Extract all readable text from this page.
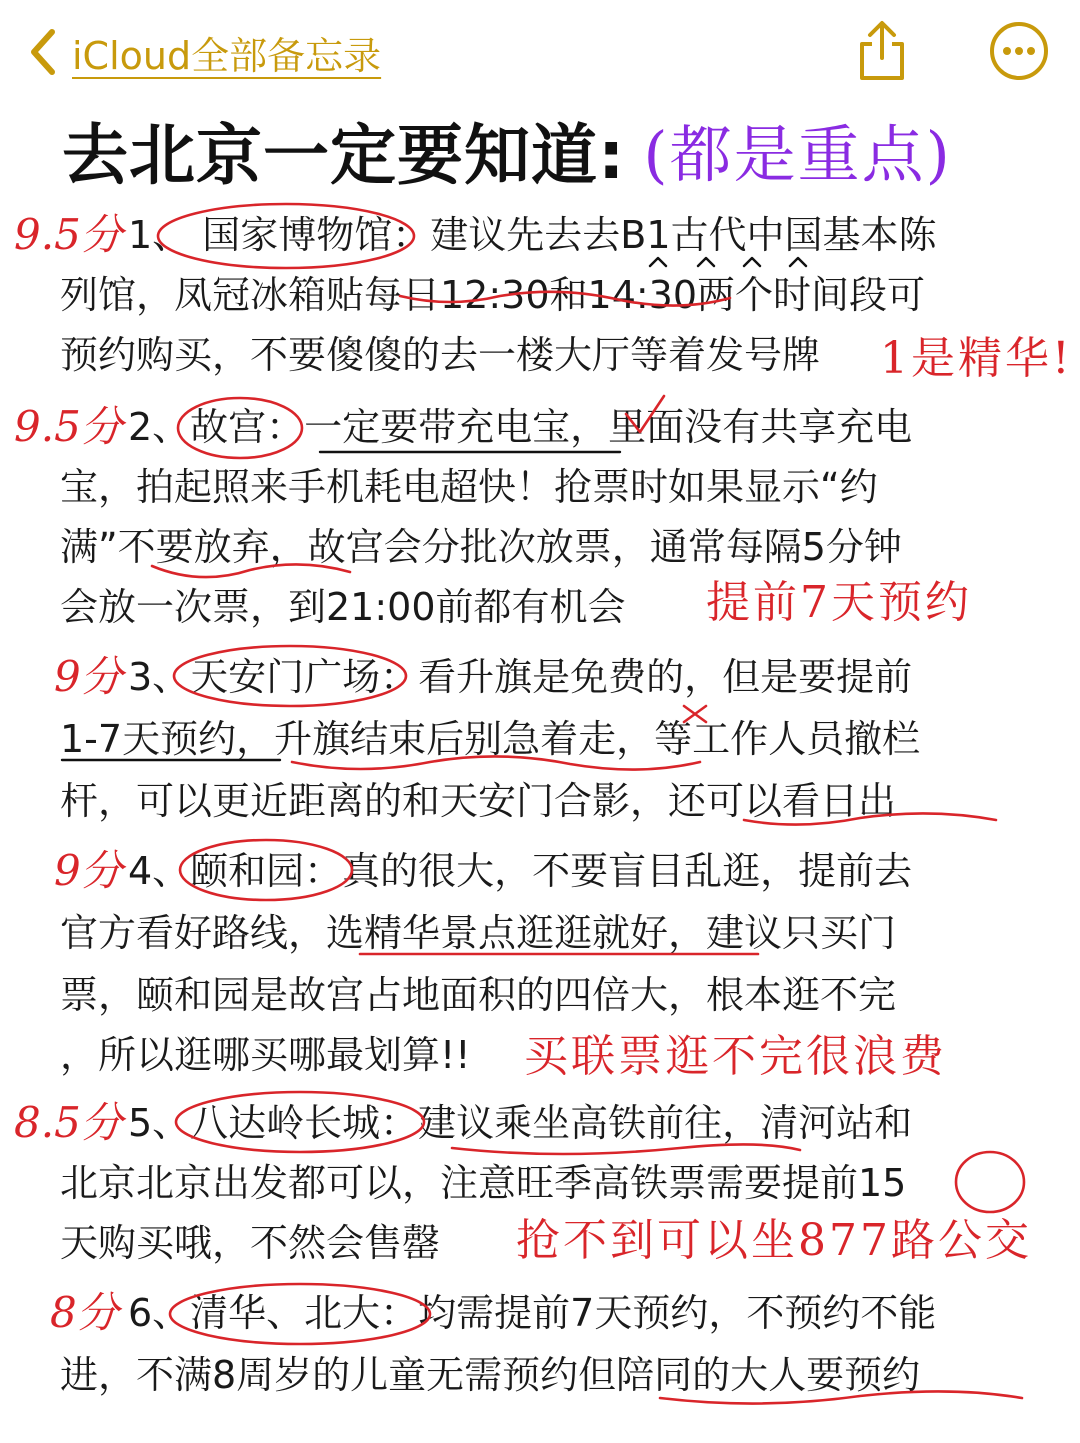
iCloud全部备忘录
去北京一定要知道: (都是重点)
9.5分 1、 国家博物馆：建议先去去B1古代中国基本陈
列馆，凤冠冰箱贴每日12:30和14:30两个时间段可
预约购买，不要傻傻的去一楼大厅等着发号牌	1是精华!
9.5分 2、故宫：一定要带充电宝，里面没有共享充电
宝，拍起照来手机耗电超快！抢票时如果显示“约
满”不要放弃，故宫会分批次放票，通常每隔5分钟
会放一次票，到21:00前都有机会	提前7天预约
9分 3、天安门广场：看升旗是免费的，但是要提前
1-7天预约，升旗结束后别急着走，等工作人员撤栏
杆，可以更近距离的和天安门合影，还可以看日出
9分 4、颐和园：真的很大，不要盲目乱逛，提前去
官方看好路线，选精华景点逛逛就好，建议只买门
票，颐和园是故宫占地面积的四倍大，根本逛不完
，所以逛哪买哪最划算!!	买联票逛不完很浪费
8.5分 5、八达岭长城：建议乘坐高铁前往，清河站和
北京北京出发都可以，注意旺季高铁票需要提前15
天购买哦，不然会售罄	抢不到可以坐877路公交
8分 6、清华、北大：均需提前7天预约，不预约不能
进，不满8周岁的儿童无需预约但陪同的大人要预约
